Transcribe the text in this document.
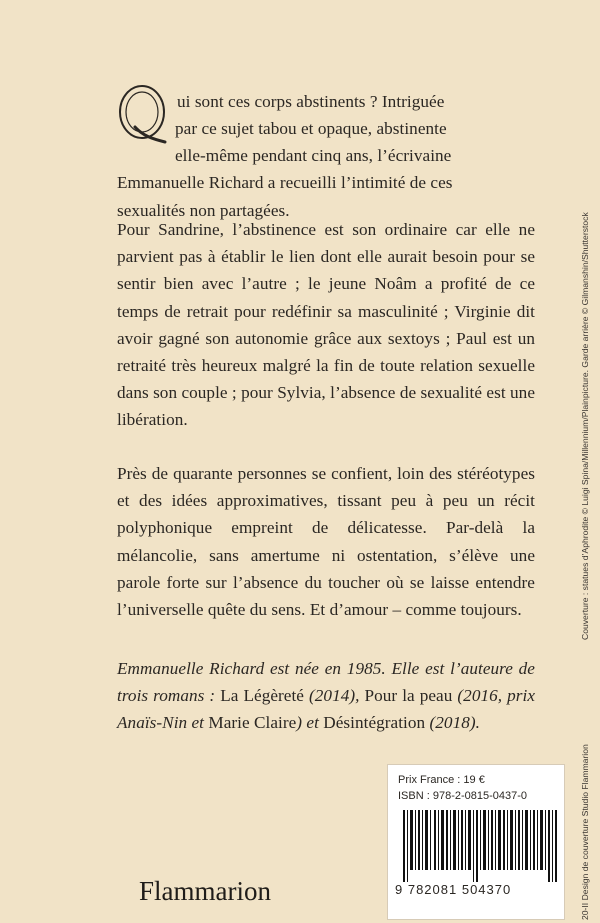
ui sont ces corps abstinents ? Intriguée

par ce sujet tabou et opaque, abstinente

elle-même pendant cinq ans, l’écrivaine

Emmanuelle Richard a recueilli l’intimité de ces

sexualités non partagées.

Pour Sandrine, l’abstinence est son ordinaire car elle ne parvient pas à établir le lien dont elle aurait besoin pour se sentir bien avec l’autre ; le jeune Noâm a profité de ce temps de retrait pour redéfinir sa masculinité ; Virginie dit avoir gagné son autonomie grâce aux sextoys ; Paul est un retraité très heureux malgré la fin de toute relation sexuelle dans son couple ; pour Sylvia, l’absence de sexualité est une libération.

Près de quarante personnes se confient, loin des stéréotypes et des idées approximatives, tissant peu à peu un récit polyphonique empreint de délicatesse. Par-delà la mélancolie, sans amertume ni ostentation, s’élève une parole forte sur l’absence du toucher où se laisse entendre l’universelle quête du sens. Et d’amour – comme toujours.

Emmanuelle Richard est née en 1985. Elle est l’auteure de trois romans : La Légèreté (2014), Pour la peau (2016, prix Anaïs-Nin et Marie Claire) et Désintégration (2018).

20-II Design de couverture Studio Flammarion
Couverture : statues d’Aphrodite © Luigi Spina/Millennium/Plainpicture. Garde arrière © Gilmanshin/Shutterstock
Prix France : 19 €
ISBN : 978-2-0815-0437-0
9 782081 504370
Flammarion
